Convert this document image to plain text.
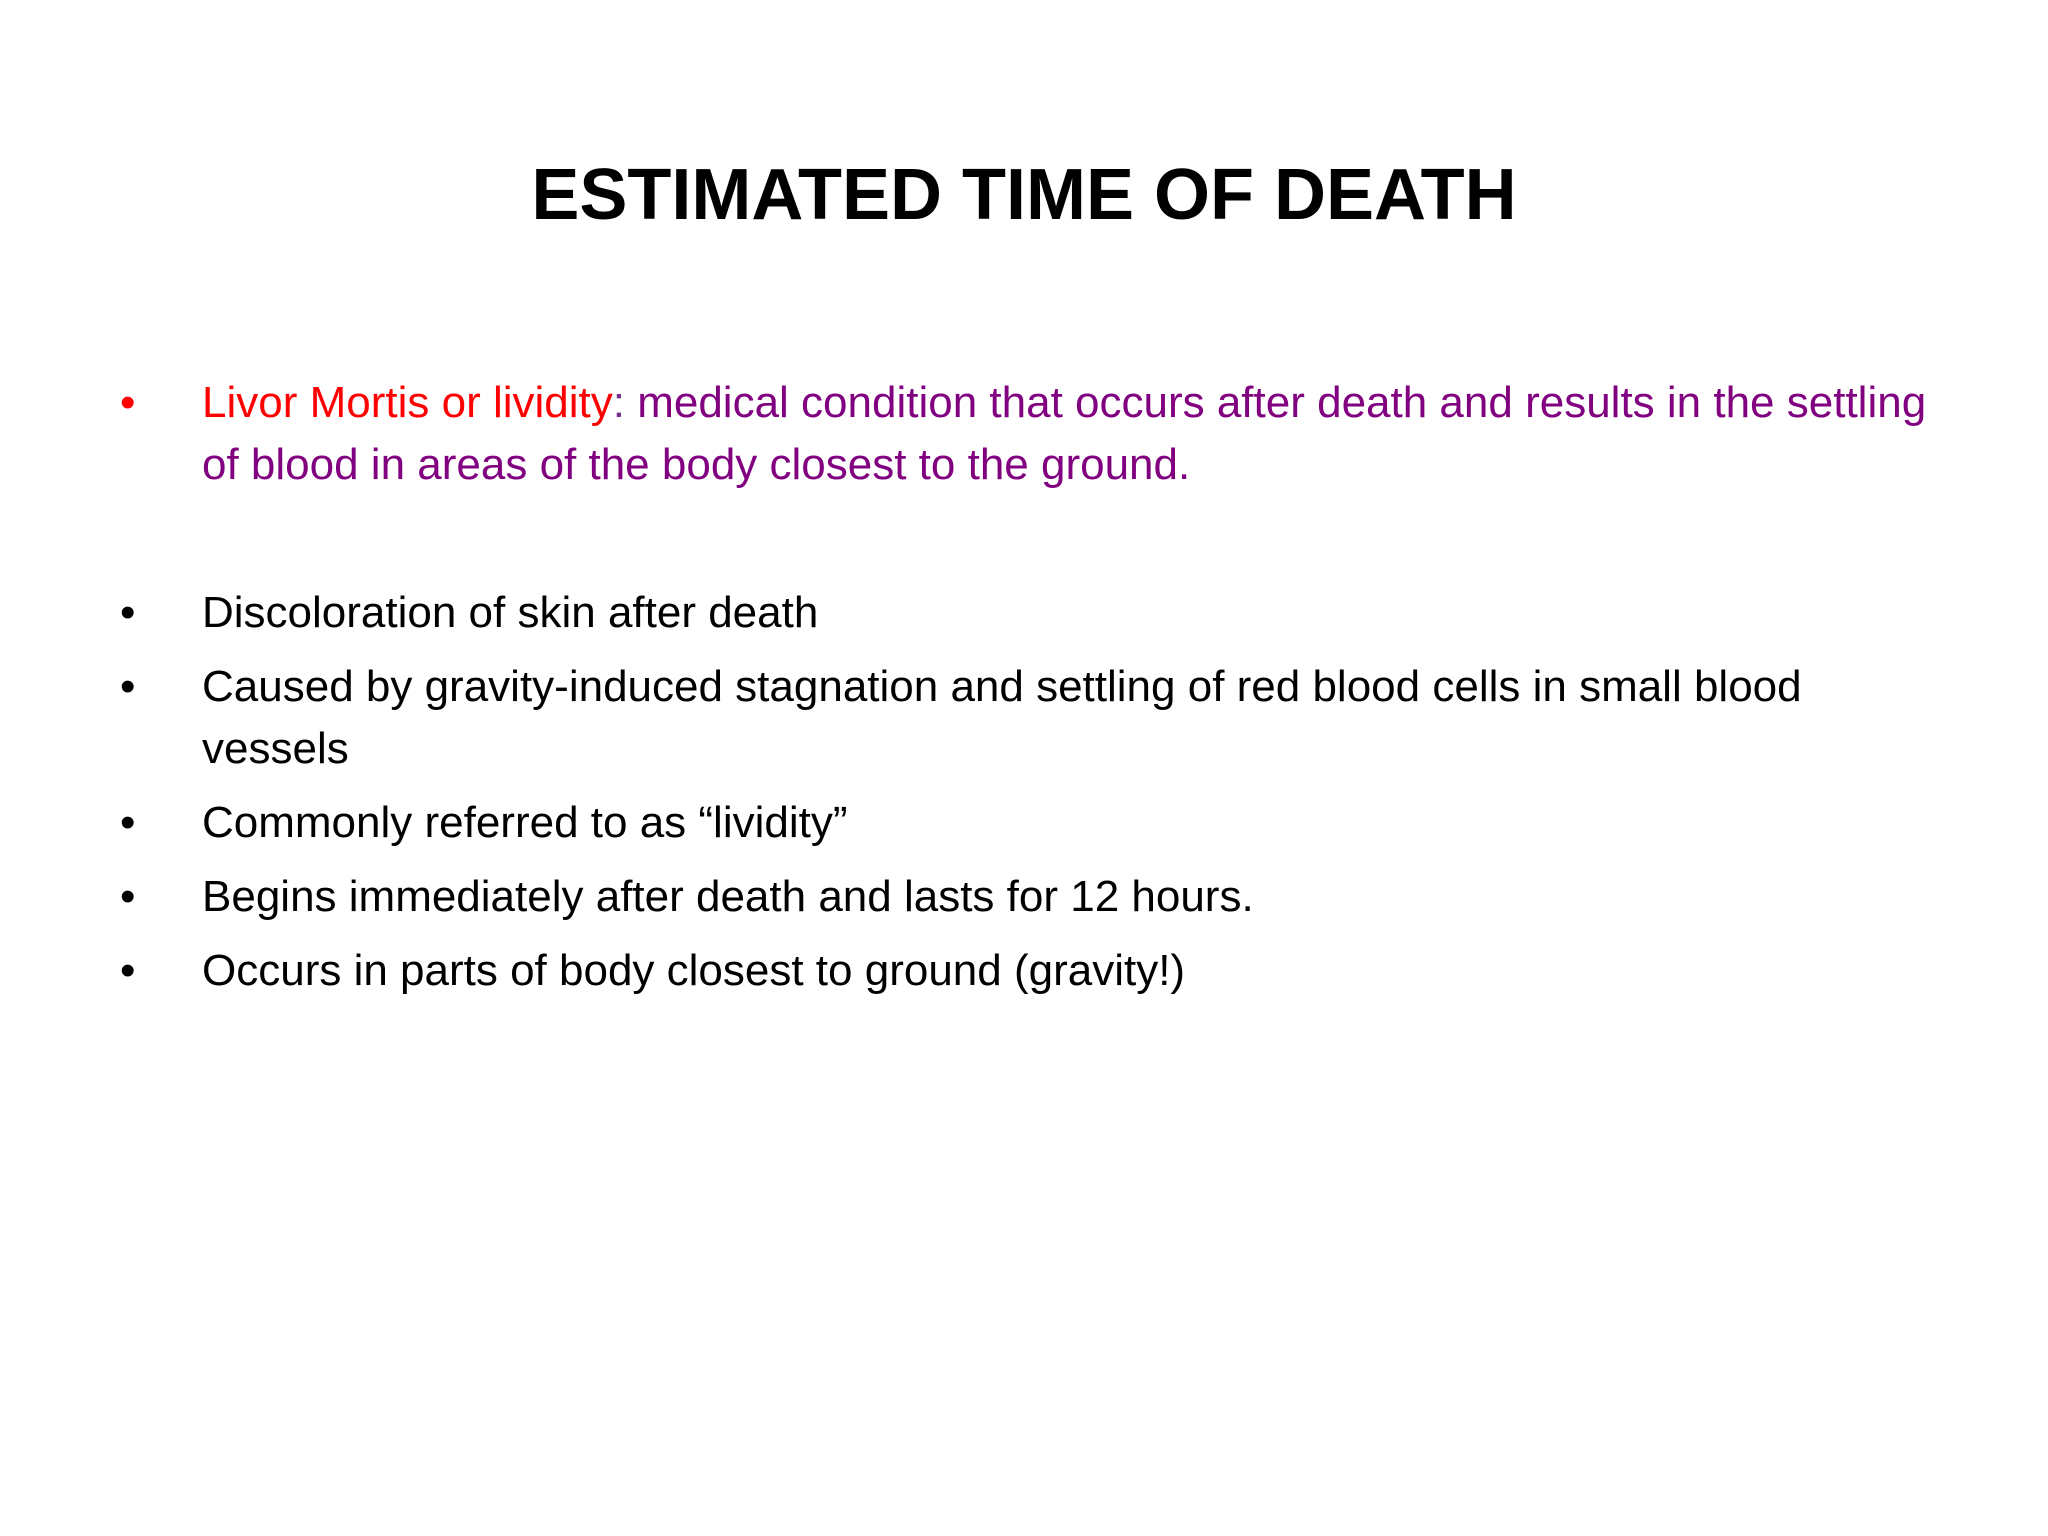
ESTIMATED TIME OF DEATH
•	Livor Mortis or lividity: medical condition that occurs after death and results in the settling of blood in areas of the body closest to the ground.
•	Discoloration of skin after death
•	Caused by gravity-induced stagnation and settling of red blood cells in small blood vessels
•	Commonly referred to as “lividity”
•	Begins immediately after death and lasts for 12 hours.
•	Occurs in parts of body closest to ground (gravity!)
